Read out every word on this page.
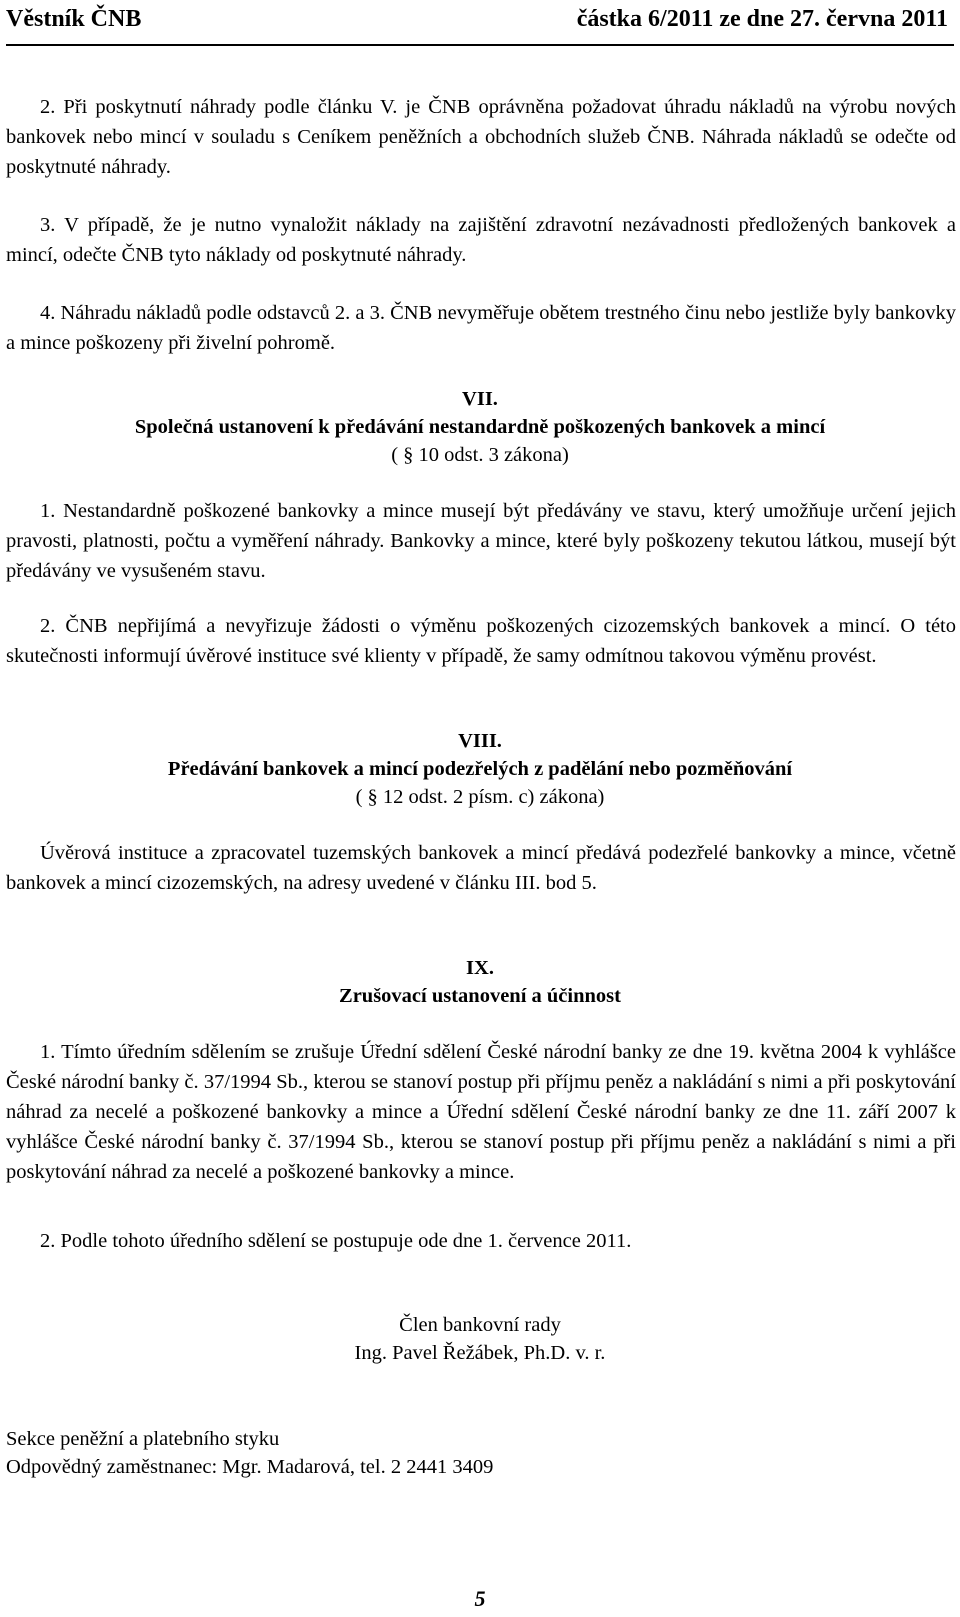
Věstník ČNB	částka 6/2011 ze dne 27. června 2011

2. Při poskytnutí náhrady podle článku V. je ČNB oprávněna požadovat úhradu nákladů na výrobu nových bankovek nebo mincí v souladu s Ceníkem peněžních a obchodních služeb ČNB. Náhrada nákladů se odečte od poskytnuté náhrady.

3. V případě, že je nutno vynaložit náklady na zajištění zdravotní nezávadnosti předložených bankovek a mincí, odečte ČNB tyto náklady od poskytnuté náhrady.

4. Náhradu nákladů podle odstavců 2. a 3. ČNB nevyměřuje obětem trestného činu nebo jestliže byly bankovky a mince poškozeny při živelní pohromě.

VII.
Společná ustanovení k předávání nestandardně poškozených bankovek a mincí
( § 10 odst. 3 zákona)

1. Nestandardně poškozené bankovky a mince musejí být předávány ve stavu, který umožňuje určení jejich pravosti, platnosti, počtu a vyměření náhrady. Bankovky a mince, které byly poškozeny tekutou látkou, musejí být předávány ve vysušeném stavu.

2. ČNB nepřijímá a nevyřizuje žádosti o výměnu poškozených cizozemských bankovek a mincí. O této skutečnosti informují úvěrové instituce své klienty v případě, že samy odmítnou takovou výměnu provést.

VIII.
Předávání bankovek a mincí podezřelých z padělání nebo pozměňování
( § 12 odst. 2 písm. c) zákona)

Úvěrová instituce a zpracovatel tuzemských bankovek a mincí předává podezřelé bankovky a mince, včetně bankovek a mincí cizozemských, na adresy uvedené v článku III. bod 5.

IX.
Zrušovací ustanovení a účinnost

1. Tímto úředním sdělením se zrušuje Úřední sdělení České národní banky ze dne 19. května 2004 k vyhlášce České národní banky č. 37/1994 Sb., kterou se stanoví postup při příjmu peněz a nakládání s nimi a při poskytování náhrad za necelé a poškozené bankovky a mince a Úřední sdělení České národní banky ze dne 11. září 2007 k vyhlášce České národní banky č. 37/1994 Sb., kterou se stanoví postup při příjmu peněz a nakládání s nimi a při poskytování náhrad za necelé a poškozené bankovky a mince.

2. Podle tohoto úředního sdělení se postupuje ode dne 1. července 2011.

Člen bankovní rady
Ing. Pavel Řežábek, Ph.D. v. r.
Sekce peněžní a platebního styku
Odpovědný zaměstnanec: Mgr. Madarová, tel. 2 2441 3409
5
